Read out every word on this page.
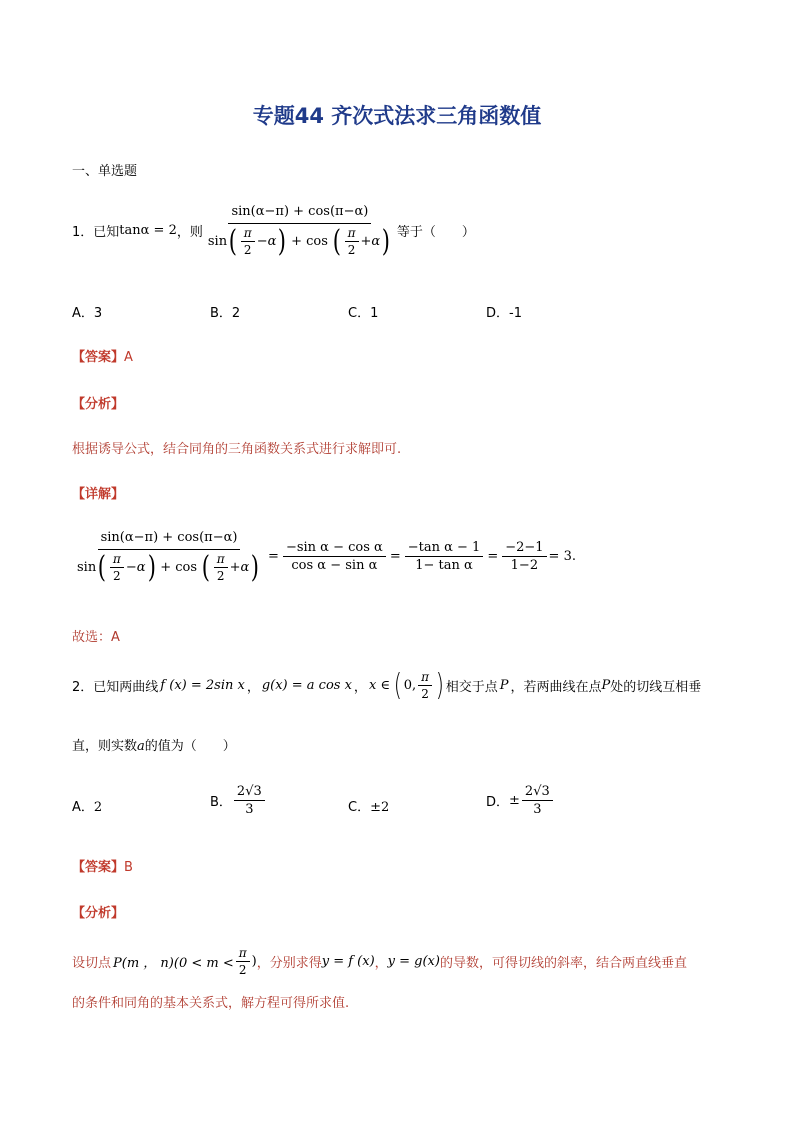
专题44 齐次式法求三角函数值
一、单选题
1． 已知 tanα = 2 ，则
sin(α−π) + cos(π−α)
sin ( $\frac{\pi}{2} - \alpha$ ) + cos ( $\frac{\pi}{2} + \alpha$ ) 等于（　　）
A．3	B．2	C．1	D．-1
【答案】A
【分析】
根据诱导公式，结合同角的三角函数关系式进行求解即可.
【详解】
sin(α−π) + cos(π−α)
sin ( $\frac{\pi}{2} - \alpha$ ) + cos ( $\frac{\pi}{2} + \alpha$ ) = $\frac{\text{−sin α − cos α}}{\text{cos α − sin α}} = \frac{\text{−tan α − 1}}{\text{1− tan α}} = \frac{-2-1}{1-2} = 3$ .
故选：A
2． 已知两曲线 f (x) = 2sin x ， g(x) = a cos x ， x ∈ ( 0, $\frac{\pi}{2}$ ) 相交于点 P ，若两曲线在点 P 处的切线互相垂
直，则实数a的值为（　　）
A．2	B． $\frac{2√3}{3}$	C．±2	D． ± $\frac{2√3}{3}$
【答案】B
【分析】
设切点 P(m ， $n)(0 < m < \frac{\pi}{2}$ ) ，分别求得 y = f (x) ， y = g(x) 的导数，可得切线的斜率，结合两直线垂直
的条件和同角的基本关系式，解方程可得所求值.
